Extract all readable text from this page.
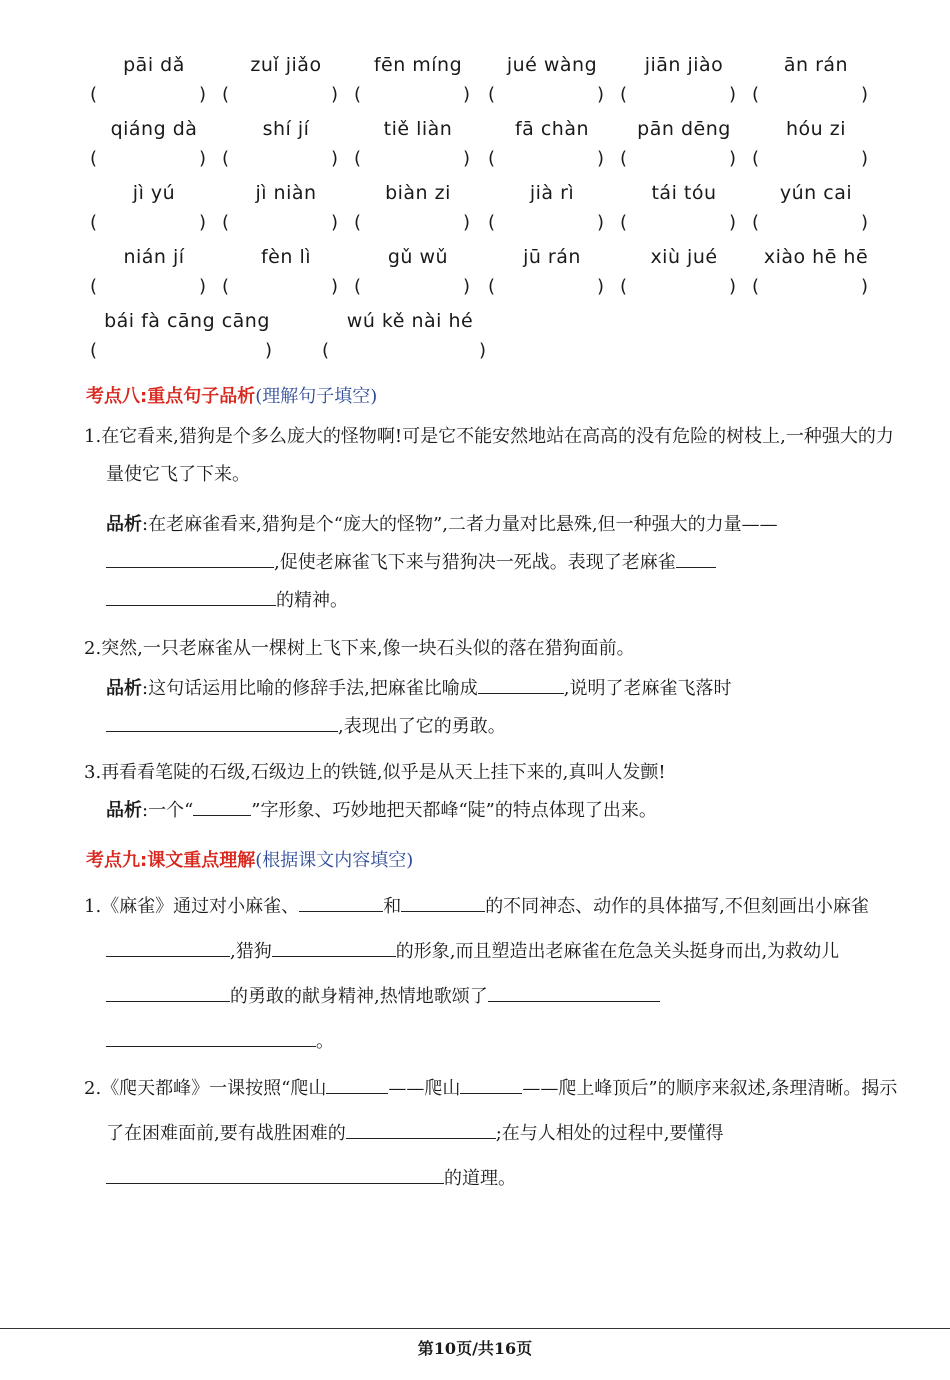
pāi dǎ
(	)
zuǐ jiǎo
(	)
fēn míng
(	)
jué wàng
(	)
jiān jiào
(	)
ān rán
(	)
qiáng dà
(	)
shí jí
(	)
tiě liàn
(	)
fā chàn
(	)
pān dēng
(	)
hóu zi
(	)
jì yú
(	)
jì niàn
(	)
biàn zi
(	)
jià rì
(	)
tái tóu
(	)
yún cai
(	)
nián jí
(	)
fèn lì
(	)
gǔ wǔ
(	)
jū rán
(	)
xiù jué
(	)
xiào hē hē
(	)
bái fà cāng cāng
(	)
wú kě nài hé
(	)
考点八:重点句子品析(理解句子填空)
1.在它看来,猎狗是个多么庞大的怪物啊!可是它不能安然地站在高高的没有危险的树枝上,一种强大的力量使它飞了下来。
品析:在老麻雀看来,猎狗是个“庞大的怪物”,二者力量对比悬殊,但一种强大的力量——,促使老麻雀飞下来与猎狗决一死战。表现了老麻雀
的精神。
2.突然,一只老麻雀从一棵树上飞下来,像一块石头似的落在猎狗面前。
品析:这句话运用比喻的修辞手法,把麻雀比喻成	,说明了老麻雀飞落时
,表现出了它的勇敢。
3.再看看笔陡的石级,石级边上的铁链,似乎是从天上挂下来的,真叫人发颤!
品析:一个“	”字形象、巧妙地把天都峰“陡”的特点体现了出来。
考点九:课文重点理解(根据课文内容填空)
1.《麻雀》通过对小麻雀、	和	的不同神态、动作的具体描写,不但刻画出小麻雀,猎狗	的形象,而且塑造出老麻雀在危急关头挺身而出,为救幼儿的勇敢的献身精神,热情地歌颂了
。
2.《爬天都峰》一课按照“爬山	——爬山	——爬上峰顶后”的顺序来叙述,条理清晰。揭示了在困难面前,要有战胜困难的	;在与人相处的过程中,要懂得的道理。
第10页/共16页
